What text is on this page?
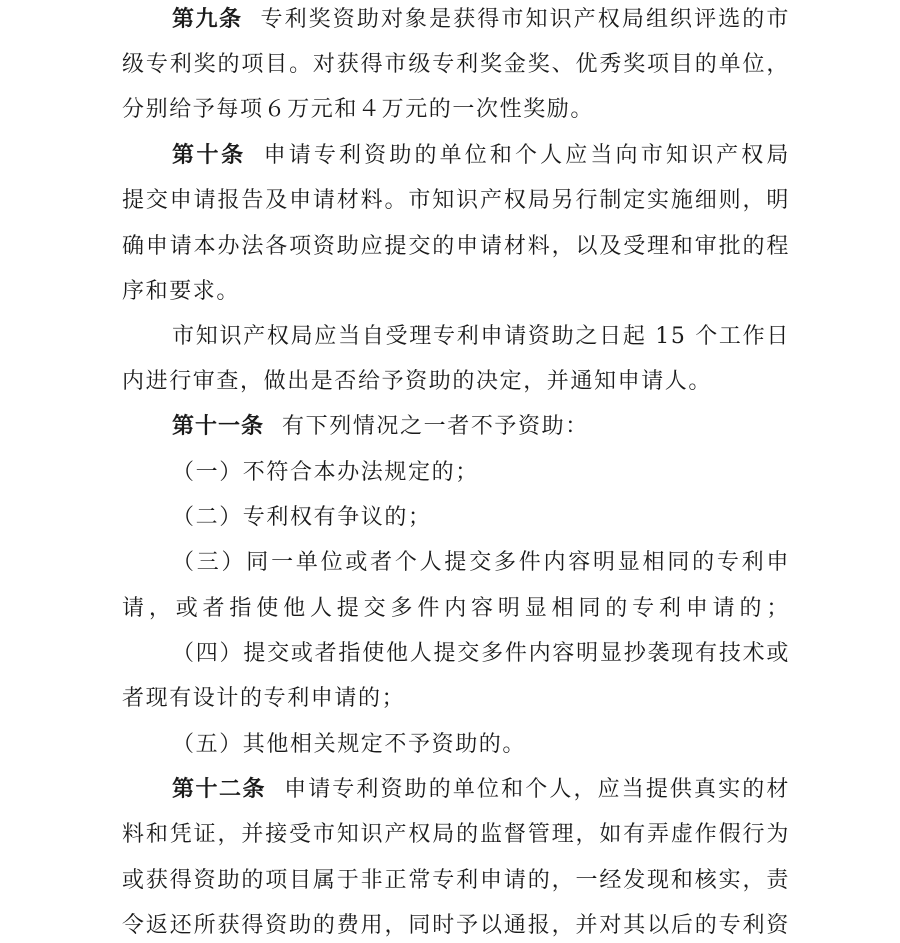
第九条 专利奖资助对象是获得市知识产权局组织评选的市
级专利奖的项目。对获得市级专利奖金奖、优秀奖项目的单位，
分别给予每项６万元和４万元的一次性奖励。
第十条 申请专利资助的单位和个人应当向市知识产权局
提交申请报告及申请材料。市知识产权局另行制定实施细则，明
确申请本办法各项资助应提交的申请材料，以及受理和审批的程
序和要求。
市知识产权局应当自受理专利申请资助之日起 15 个工作日
内进行审查，做出是否给予资助的决定，并通知申请人。
第十一条 有下列情况之一者不予资助：
（一）不符合本办法规定的；
（二）专利权有争议的；
（三）同一单位或者个人提交多件内容明显相同的专利申
请，或者指使他人提交多件内容明显相同的专利申请的；
（四）提交或者指使他人提交多件内容明显抄袭现有技术或
者现有设计的专利申请的；
（五）其他相关规定不予资助的。
第十二条 申请专利资助的单位和个人，应当提供真实的材
料和凭证，并接受市知识产权局的监督管理，如有弄虚作假行为
或获得资助的项目属于非正常专利申请的，一经发现和核实，责
令返还所获得资助的费用，同时予以通报，并对其以后的专利资
